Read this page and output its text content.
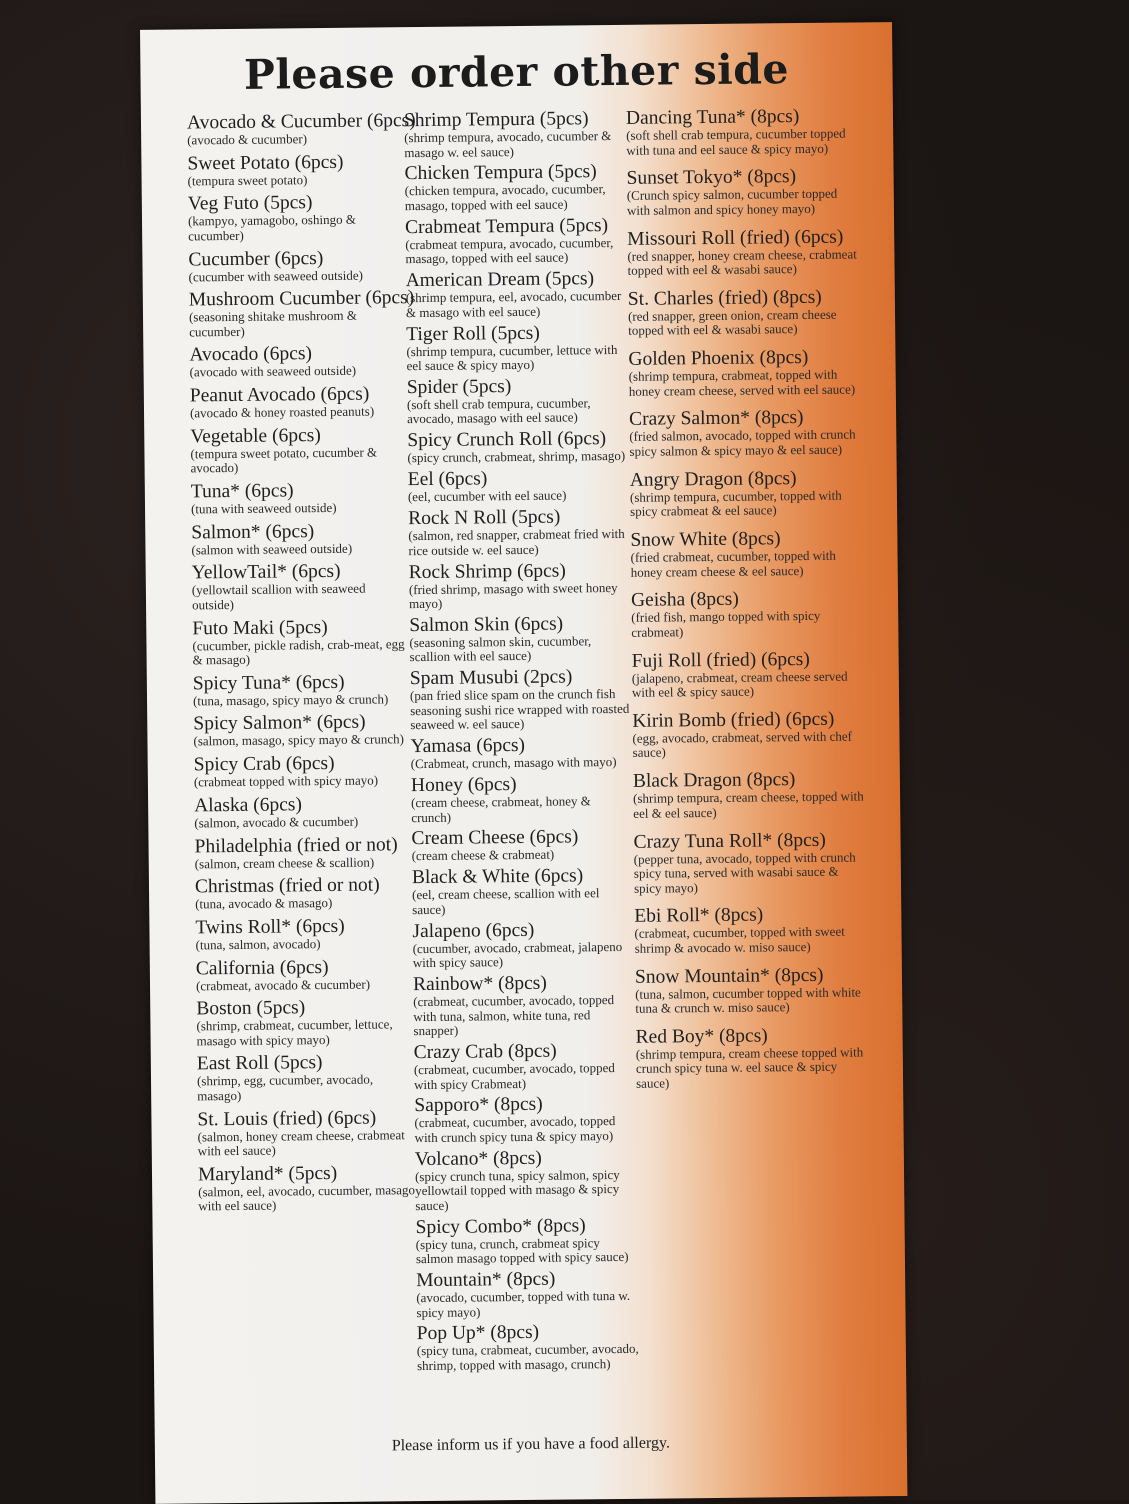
Please order other side
Avocado & Cucumber (6pcs)
(avocado & cucumber)
Sweet Potato (6pcs)
(tempura sweet potato)
Veg Futo (5pcs)
(kampyo, yamagobo, oshingo & cucumber)
Cucumber (6pcs)
(cucumber with seaweed outside)
Mushroom Cucumber (6pcs)
(seasoning shitake mushroom & cucumber)
Avocado (6pcs)
(avocado with seaweed outside)
Peanut Avocado (6pcs)
(avocado & honey roasted peanuts)
Vegetable (6pcs)
(tempura sweet potato, cucumber & avocado)
Tuna* (6pcs)
(tuna with seaweed outside)
Salmon* (6pcs)
(salmon with seaweed outside)
YellowTail* (6pcs)
(yellowtail scallion with seaweed outside)
Futo Maki (5pcs)
(cucumber, pickle radish, crab-meat, egg & masago)
Spicy Tuna* (6pcs)
(tuna, masago, spicy mayo & crunch)
Spicy Salmon* (6pcs)
(salmon, masago, spicy mayo & crunch)
Spicy Crab (6pcs)
(crabmeat topped with spicy mayo)
Alaska (6pcs)
(salmon, avocado & cucumber)
Philadelphia (fried or not)
(salmon, cream cheese & scallion)
Christmas (fried or not)
(tuna, avocado & masago)
Twins Roll* (6pcs)
(tuna, salmon, avocado)
California (6pcs)
(crabmeat, avocado & cucumber)
Boston (5pcs)
(shrimp, crabmeat, cucumber, lettuce, masago with spicy mayo)
East Roll (5pcs)
(shrimp, egg, cucumber, avocado, masago)
St. Louis (fried) (6pcs)
(salmon, honey cream cheese, crabmeat with eel sauce)
Maryland* (5pcs)
(salmon, eel, avocado, cucumber, masago with eel sauce)
Shrimp Tempura (5pcs)
(shrimp tempura, avocado, cucumber & masago w. eel sauce)
Chicken Tempura (5pcs)
(chicken tempura, avocado, cucumber, masago, topped with eel sauce)
Crabmeat Tempura (5pcs)
(crabmeat tempura, avocado, cucumber, masago, topped with eel sauce)
American Dream (5pcs)
(shrimp tempura, eel, avocado, cucumber & masago with eel sauce)
Tiger Roll (5pcs)
(shrimp tempura, cucumber, lettuce with eel sauce & spicy mayo)
Spider (5pcs)
(soft shell crab tempura, cucumber, avocado, masago with eel sauce)
Spicy Crunch Roll (6pcs)
(spicy crunch, crabmeat, shrimp, masago)
Eel (6pcs)
(eel, cucumber with eel sauce)
Rock N Roll (5pcs)
(salmon, red snapper, crabmeat fried with rice outside w. eel sauce)
Rock Shrimp (6pcs)
(fried shrimp, masago with sweet honey mayo)
Salmon Skin (6pcs)
(seasoning salmon skin, cucumber, scallion with eel sauce)
Spam Musubi (2pcs)
(pan fried slice spam on the crunch fish seasoning sushi rice wrapped with roasted seaweed w. eel sauce)
Yamasa (6pcs)
(Crabmeat, crunch, masago with mayo)
Honey (6pcs)
(cream cheese, crabmeat, honey & crunch)
Cream Cheese (6pcs)
(cream cheese & crabmeat)
Black & White (6pcs)
(eel, cream cheese, scallion with eel sauce)
Jalapeno (6pcs)
(cucumber, avocado, crabmeat, jalapeno with spicy sauce)
Rainbow* (8pcs)
(crabmeat, cucumber, avocado, topped with tuna, salmon, white tuna, red snapper)
Crazy Crab (8pcs)
(crabmeat, cucumber, avocado, topped with spicy Crabmeat)
Sapporo* (8pcs)
(crabmeat, cucumber, avocado, topped with crunch spicy tuna & spicy mayo)
Volcano* (8pcs)
(spicy crunch tuna, spicy salmon, spicy yellowtail topped with masago & spicy sauce)
Spicy Combo* (8pcs)
(spicy tuna, crunch, crabmeat spicy salmon masago topped with spicy sauce)
Mountain* (8pcs)
(avocado, cucumber, topped with tuna w. spicy mayo)
Pop Up* (8pcs)
(spicy tuna, crabmeat, cucumber, avocado, shrimp, topped with masago, crunch)
Dancing Tuna* (8pcs)
(soft shell crab tempura, cucumber topped with tuna and eel sauce & spicy mayo)
Sunset Tokyo* (8pcs)
(Crunch spicy salmon, cucumber topped with salmon and spicy honey mayo)
Missouri Roll (fried) (6pcs)
(red snapper, honey cream cheese, crabmeat topped with eel & wasabi sauce)
St. Charles (fried) (8pcs)
(red snapper, green onion, cream cheese topped with eel & wasabi sauce)
Golden Phoenix (8pcs)
(shrimp tempura, crabmeat, topped with honey cream cheese, served with eel sauce)
Crazy Salmon* (8pcs)
(fried salmon, avocado, topped with crunch spicy salmon & spicy mayo & eel sauce)
Angry Dragon (8pcs)
(shrimp tempura, cucumber, topped with spicy crabmeat & eel sauce)
Snow White (8pcs)
(fried crabmeat, cucumber, topped with honey cream cheese & eel sauce)
Geisha (8pcs)
(fried fish, mango topped with spicy crabmeat)
Fuji Roll (fried) (6pcs)
(jalapeno, crabmeat, cream cheese served with eel & spicy sauce)
Kirin Bomb (fried) (6pcs)
(egg, avocado, crabmeat, served with chef sauce)
Black Dragon (8pcs)
(shrimp tempura, cream cheese, topped with eel & eel sauce)
Crazy Tuna Roll* (8pcs)
(pepper tuna, avocado, topped with crunch spicy tuna, served with wasabi sauce & spicy mayo)
Ebi Roll* (8pcs)
(crabmeat, cucumber, topped with sweet shrimp & avocado w. miso sauce)
Snow Mountain* (8pcs)
(tuna, salmon, cucumber topped with white tuna & crunch w. miso sauce)
Red Boy* (8pcs)
(shrimp tempura, cream cheese topped with crunch spicy tuna w. eel sauce & spicy sauce)
Please inform us if you have a food allergy.
